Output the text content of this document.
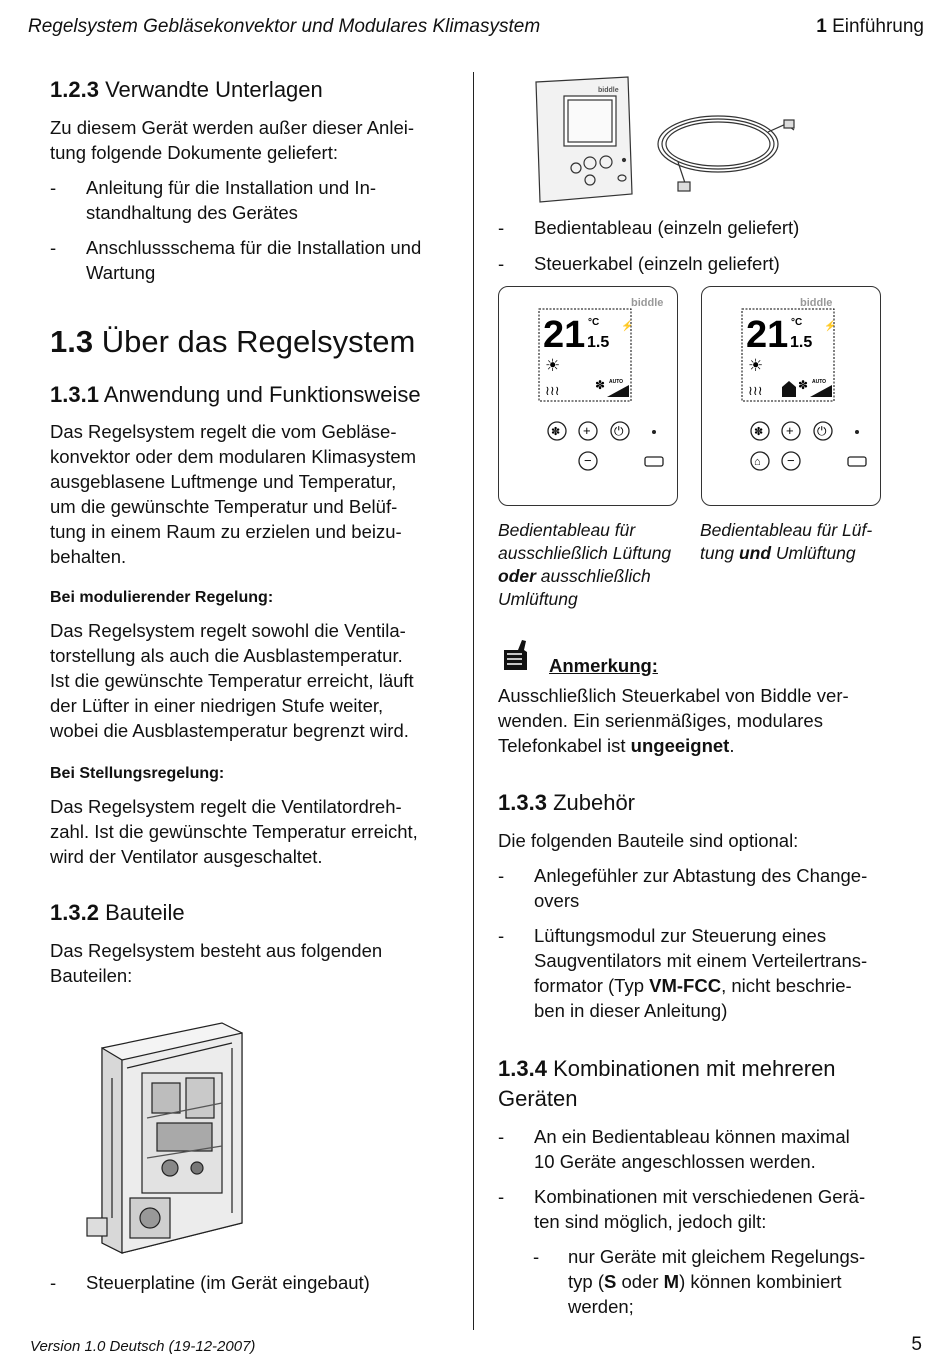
Regelsystem Gebläsekonvektor und Modulares Klimasystem	1 Einführung
1.2.3 Verwandte Unterlagen

Zu diesem Gerät werden außer dieser Anlei-
tung folgende Dokumente geliefert:

- Anleitung für die Installation und In-
standhaltung des Gerätes
- Anschlussschema für die Installation und
Wartung
1.3 Über das Regelsystem
1.3.1 Anwendung und Funktionsweise

Das Regelsystem regelt die vom Gebläse-
konvektor oder dem modularen Klimasystem
ausgeblasene Luftmenge und Temperatur,
um die gewünschte Temperatur und Belüf-
tung in einem Raum zu erzielen und beizu-
behalten.

Bei modulierender Regelung:

Das Regelsystem regelt sowohl die Ventila-
torstellung als auch die Ausblastemperatur.
Ist die gewünschte Temperatur erreicht, läuft
der Lüfter in einer niedrigen Stufe weiter,
wobei die Ausblastemperatur begrenzt wird.

Bei Stellungsregelung:

Das Regelsystem regelt die Ventilatordreh-
zahl. Ist die gewünschte Temperatur erreicht,
wird der Ventilator ausgeschaltet.

1.3.2 Bauteile

Das Regelsystem besteht aus folgenden
Bauteilen:

- Steuerplatine (im Gerät eingebaut)
biddle
- Bedientableau (einzeln geliefert)
- Steuerkabel (einzeln geliefert)
biddle
21 1.5
°C ⚡
☀
≀≀≀	✽ AUTO
✽ + ⏻
−
biddle
21 1.5
°C ⚡
☀
≀≀≀	✽ AUTO
✽ + ⏻
⌂ −
Bedientableau für
ausschließlich Lüftung
oder ausschließlich
Umlüftung
Bedientableau für Lüf-
tung und Umlüftung
Anmerkung:

Ausschließlich Steuerkabel von Biddle ver-
wenden. Ein serienmäßiges, modulares
Telefonkabel ist ungeeignet.

1.3.3 Zubehör

Die folgenden Bauteile sind optional:

- Anlegefühler zur Abtastung des Change-
overs
- Lüftungsmodul zur Steuerung eines
Saugventilators mit einem Verteilertrans-
formator (Typ VM-FCC, nicht beschrie-
ben in dieser Anleitung)
1.3.4 Kombinationen mit mehreren
Geräten
- An ein Bedientableau können maximal
10 Geräte angeschlossen werden.
- Kombinationen mit verschiedenen Gerä-
ten sind möglich, jedoch gilt:
- nur Geräte mit gleichem Regelungs-
typ (S oder M) können kombiniert
werden;
Version 1.0 Deutsch (19-12-2007)	5
